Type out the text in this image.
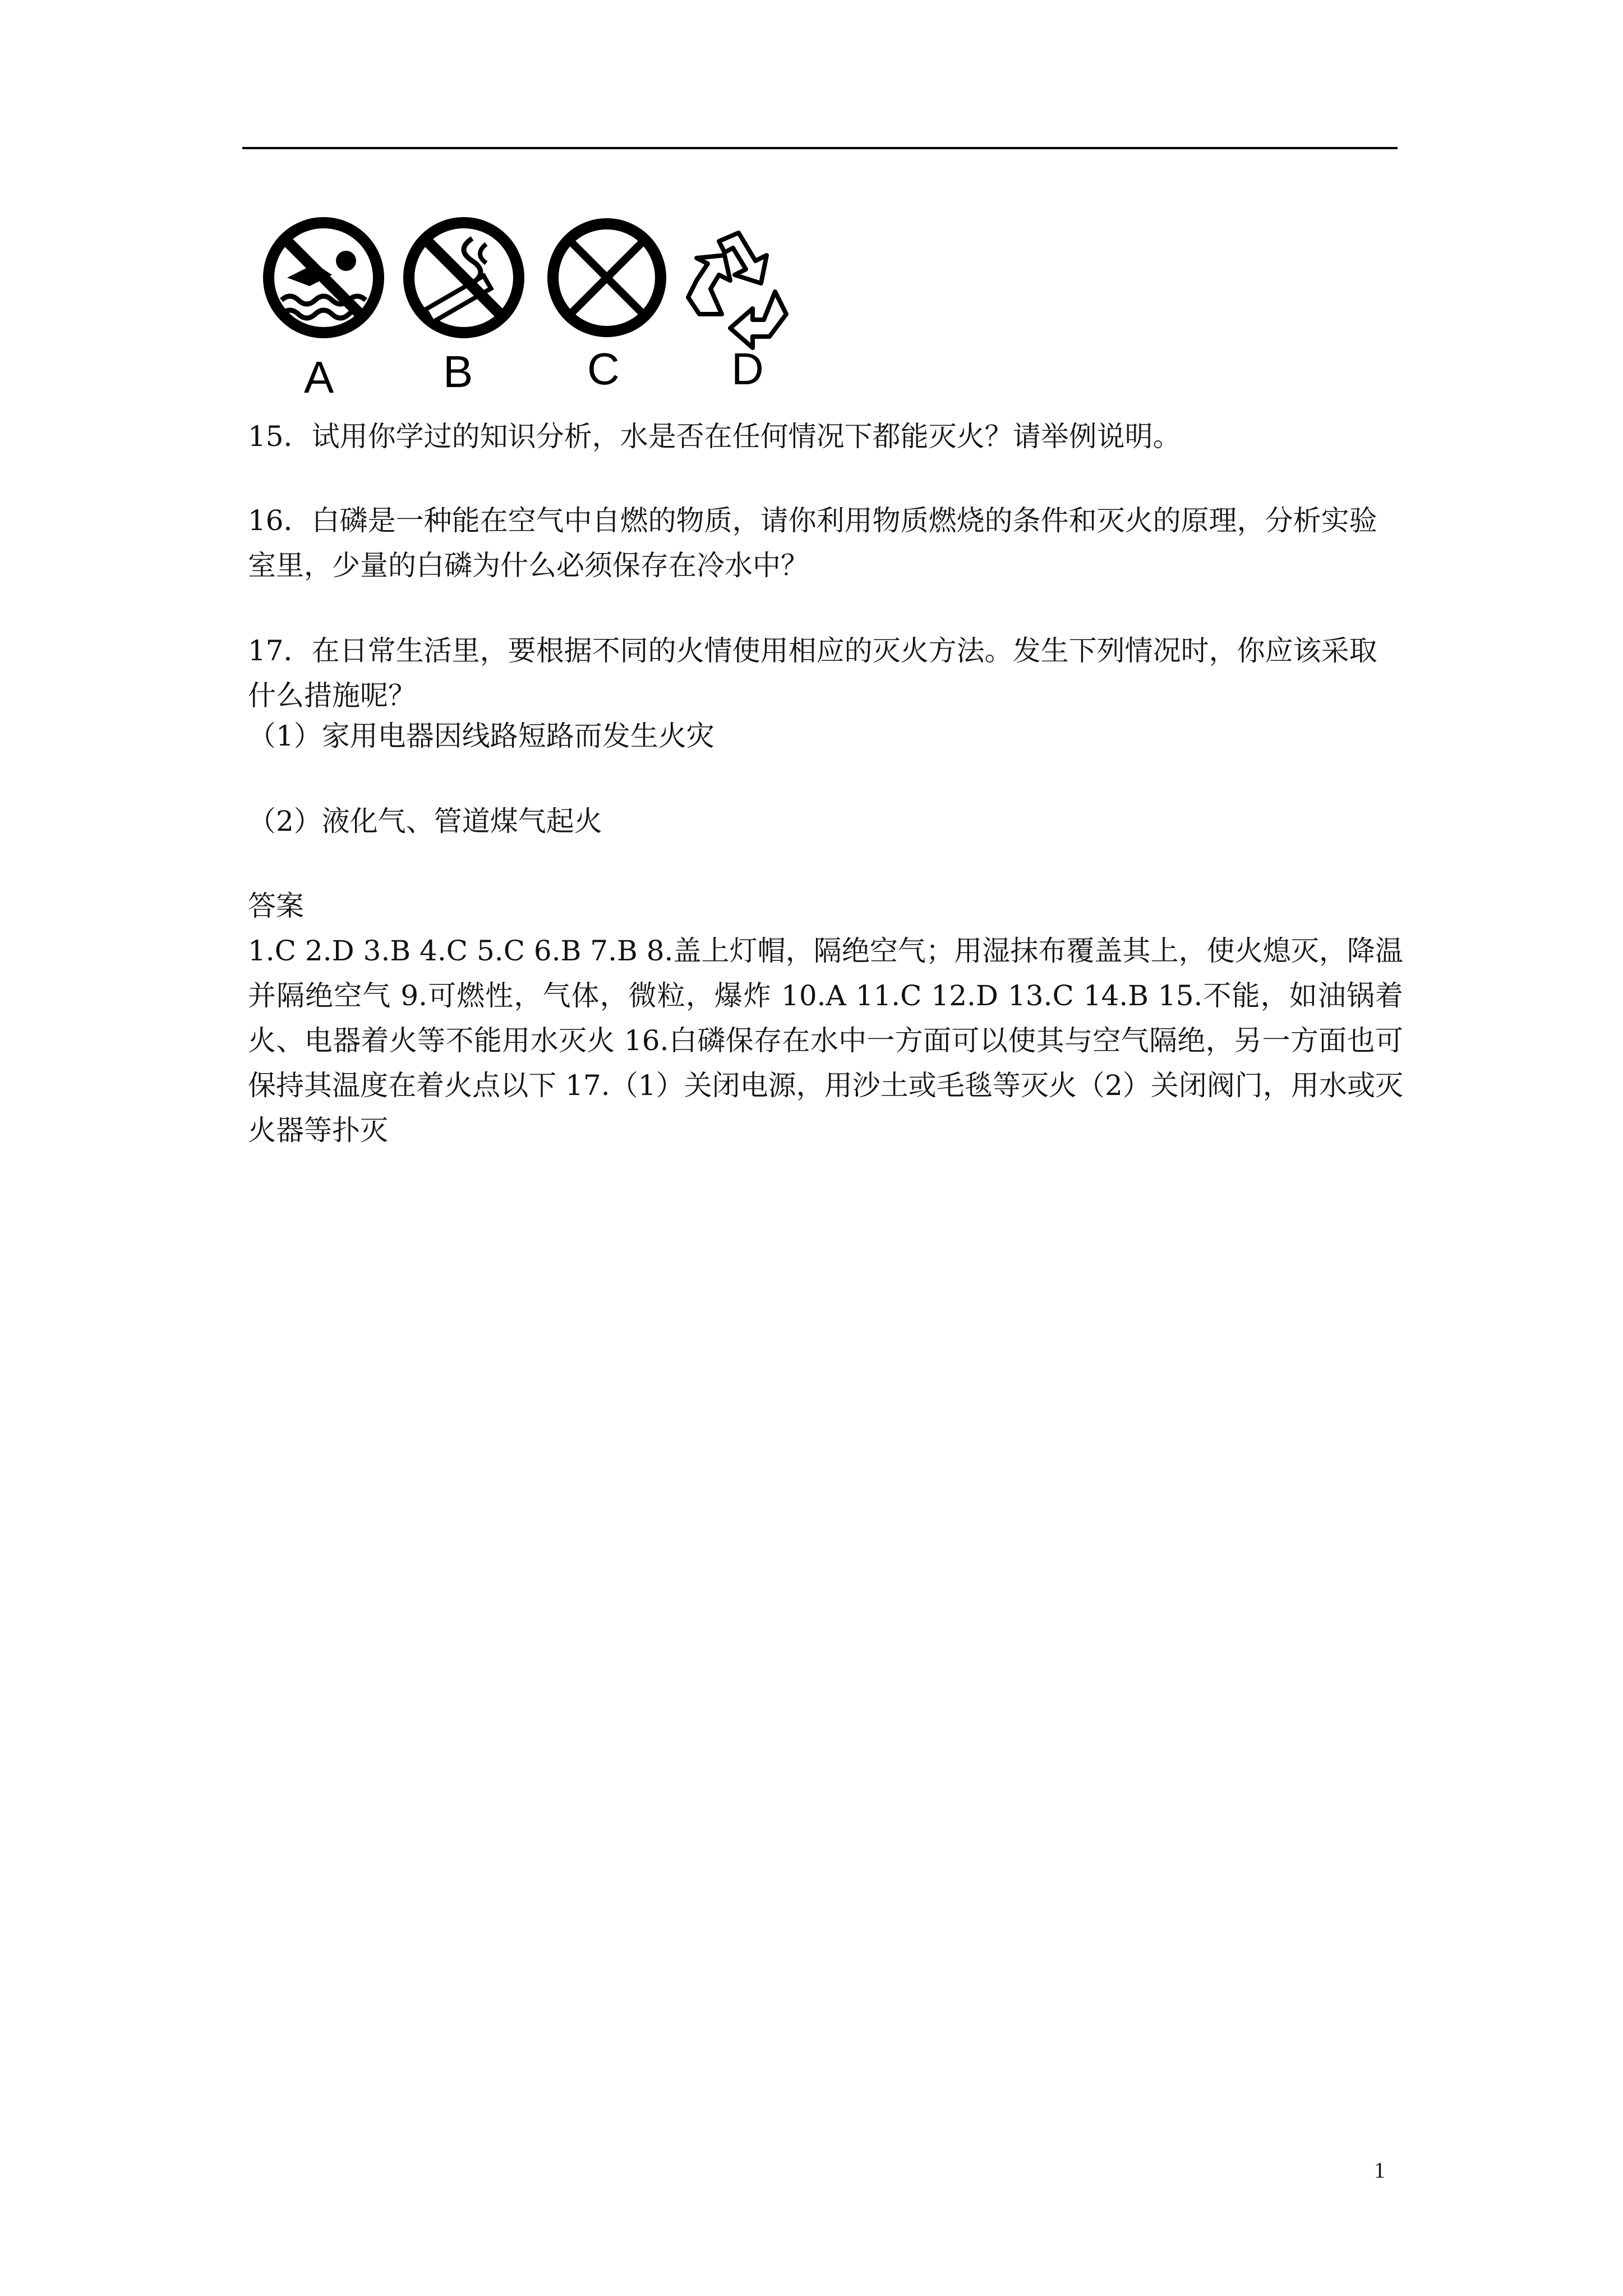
A B	C D

15．试用你学过的知识分析，水是否在任何情况下都能灭火？请举例说明。

16．白磷是一种能在空气中自燃的物质，请你利用物质燃烧的条件和灭火的原理，分析实验室里，少量的白磷为什么必须保存在冷水中？

17．在日常生活里，要根据不同的火情使用相应的灭火方法。发生下列情况时，你应该采取什么措施呢？

（1）家用电器因线路短路而发生火灾

（2）液化气、管道煤气起火

答案
1.C 2.D 3.B 4.C 5.C 6.B 7.B 8.盖上灯帽，隔绝空气；用湿抹布覆盖其上，使火熄灭，降温并隔绝空气 9.可燃性，气体，微粒，爆炸 10.A 11.C 12.D 13.C 14.B 15.不能，如油锅着火、电器着火等不能用水灭火 16.白磷保存在水中一方面可以使其与空气隔绝，另一方面也可保持其温度在着火点以下 17.（1）关闭电源，用沙土或毛毯等灭火（2）关闭阀门，用水或灭火器等扑灭
1
